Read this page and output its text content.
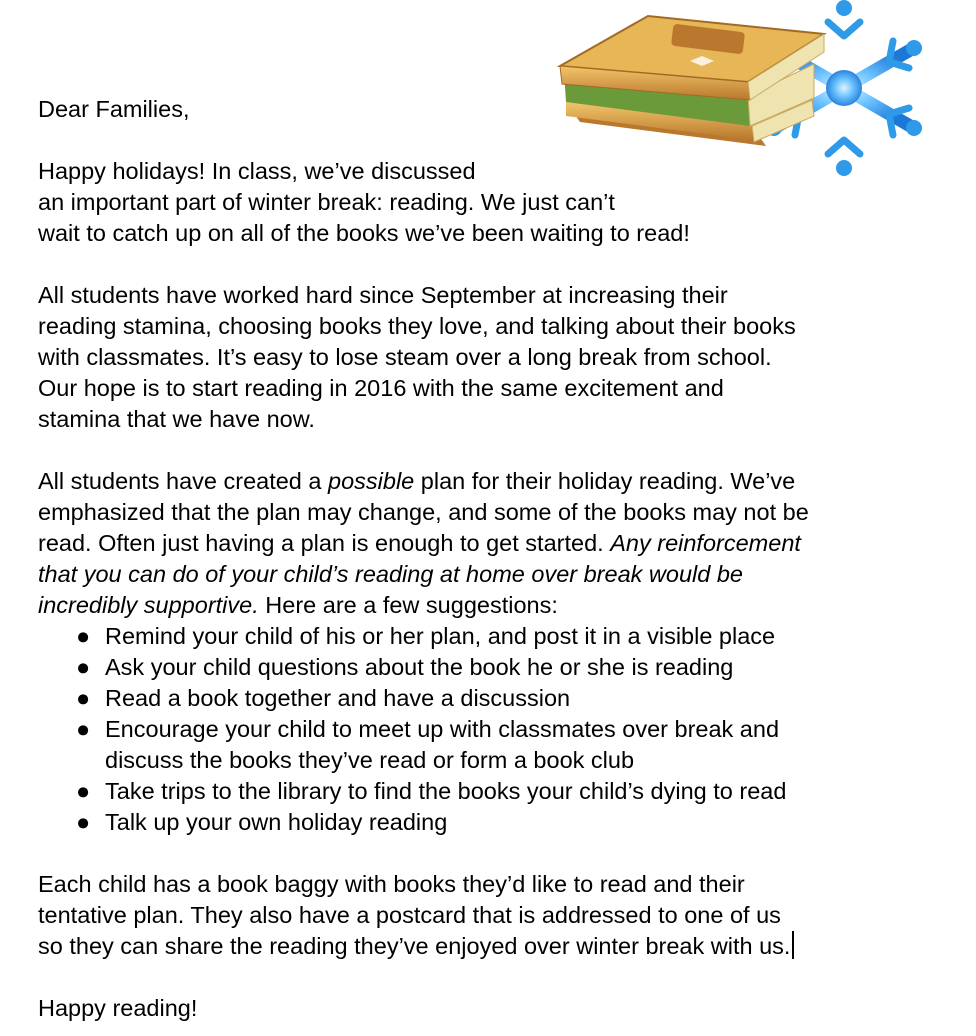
Dear Families,
Happy holidays! In class, we’ve discussed
an important part of winter break: reading. We just can’t
wait to catch up on all of the books we’ve been waiting to read!
All students have worked hard since September at increasing their
reading stamina, choosing books they love, and talking about their books
with classmates. It’s easy to lose steam over a long break from school.
Our hope is to start reading in 2016 with the same excitement and
stamina that we have now.
All students have created a possible plan for their holiday reading. We’ve
emphasized that the plan may change, and some of the books may not be
read. Often just having a plan is enough to get started. Any reinforcement
that you can do of your child’s reading at home over break would be
incredibly supportive. Here are a few suggestions:
● Remind your child of his or her plan, and post it in a visible place
● Ask your child questions about the book he or she is reading
● Read a book together and have a discussion
● Encourage your child to meet up with classmates over break and
discuss the books they’ve read or form a book club
● Take trips to the library to find the books your child’s dying to read
● Talk up your own holiday reading
Each child has a book baggy with books they’d like to read and their
tentative plan. They also have a postcard that is addressed to one of us
so they can share the reading they’ve enjoyed over winter break with us.
Happy reading!
